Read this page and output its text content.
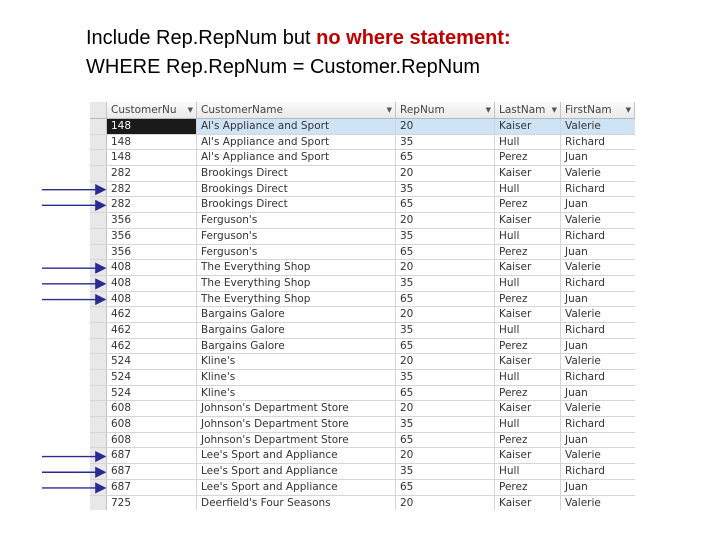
Include Rep.RepNum but no where statement:
WHERE Rep.RepNum = Customer.RepNum
CustomerNu ▼ CustomerName	▼ RepNum	▼ LastNam ▼ FirstNam ▼
148	Al's Appliance and Sport	20	Kaiser	Valerie
148	Al's Appliance and Sport	35	Hull	Richard
148	Al's Appliance and Sport	65	Perez	Juan
282	Brookings Direct	20	Kaiser	Valerie
282	Brookings Direct	35	Hull	Richard
282	Brookings Direct	65	Perez	Juan
356	Ferguson's	20	Kaiser	Valerie
356	Ferguson's	35	Hull	Richard
356	Ferguson's	65	Perez	Juan
408	The Everything Shop	20	Kaiser	Valerie
408	The Everything Shop	35	Hull	Richard
408	The Everything Shop	65	Perez	Juan
462	Bargains Galore	20	Kaiser	Valerie
462	Bargains Galore	35	Hull	Richard
462	Bargains Galore	65	Perez	Juan
524	Kline's	20	Kaiser	Valerie
524	Kline's	35	Hull	Richard
524	Kline's	65	Perez	Juan
608	Johnson's Department Store	20	Kaiser	Valerie
608	Johnson's Department Store	35	Hull	Richard
608	Johnson's Department Store	65	Perez	Juan
687	Lee's Sport and Appliance	20	Kaiser	Valerie
687	Lee's Sport and Appliance	35	Hull	Richard
687	Lee's Sport and Appliance	65	Perez	Juan
725	Deerfield's Four Seasons	20	Kaiser	Valerie
